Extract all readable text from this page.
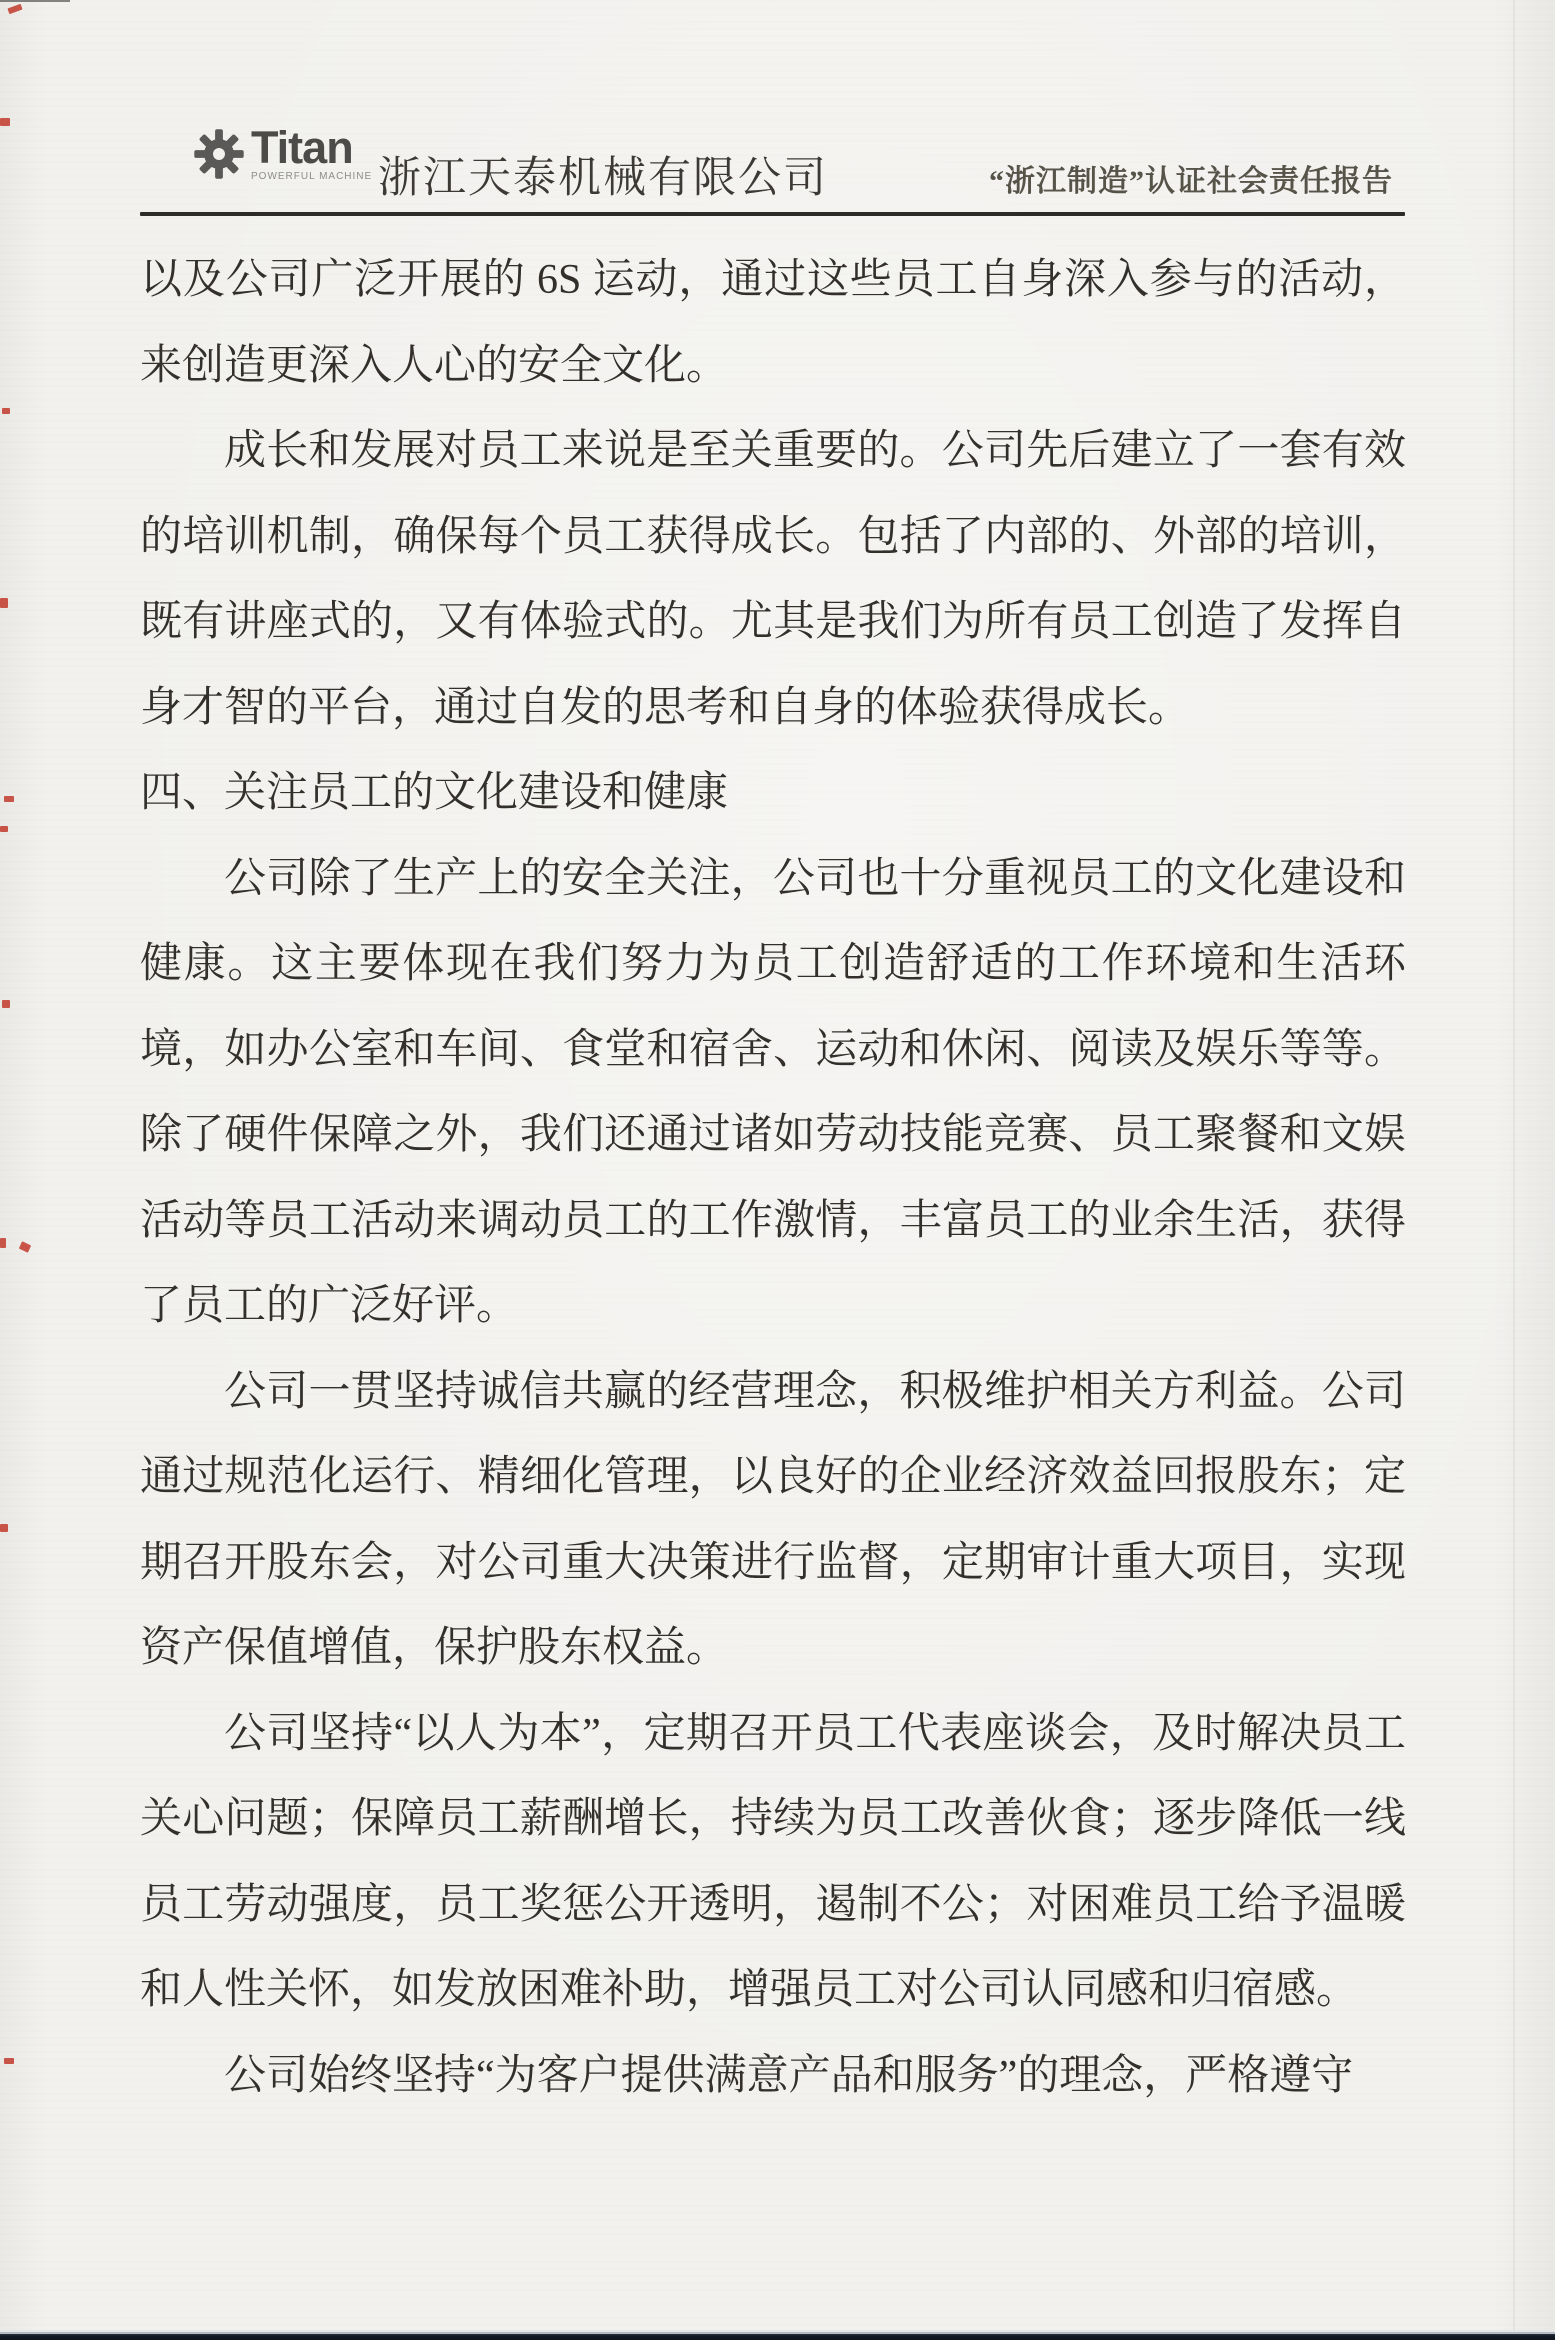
Titan
POWERFUL MACHINE 浙江天泰机械有限公司	“浙江制造”认证社会责任报告

以及公司广泛开展的 6S 运动，通过这些员工自身深入参与的活动，来创造更深入人心的安全文化。

成长和发展对员工来说是至关重要的。公司先后建立了一套有效的培训机制，确保每个员工获得成长。包括了内部的、外部的培训，既有讲座式的，又有体验式的。尤其是我们为所有员工创造了发挥自身才智的平台，通过自发的思考和自身的体验获得成长。

四、关注员工的文化建设和健康

公司除了生产上的安全关注，公司也十分重视员工的文化建设和健康。这主要体现在我们努力为员工创造舒适的工作环境和生活环境，如办公室和车间、食堂和宿舍、运动和休闲、阅读及娱乐等等。除了硬件保障之外，我们还通过诸如劳动技能竞赛、员工聚餐和文娱活动等员工活动来调动员工的工作激情，丰富员工的业余生活，获得了员工的广泛好评。

公司一贯坚持诚信共赢的经营理念，积极维护相关方利益。公司通过规范化运行、精细化管理，以良好的企业经济效益回报股东；定期召开股东会，对公司重大决策进行监督，定期审计重大项目，实现资产保值增值，保护股东权益。

公司坚持“以人为本”，定期召开员工代表座谈会，及时解决员工关心问题；保障员工薪酬增长，持续为员工改善伙食；逐步降低一线员工劳动强度，员工奖惩公开透明，遏制不公；对困难员工给予温暖和人性关怀，如发放困难补助，增强员工对公司认同感和归宿感。

公司始终坚持“为客户提供满意产品和服务”的理念，严格遵守
